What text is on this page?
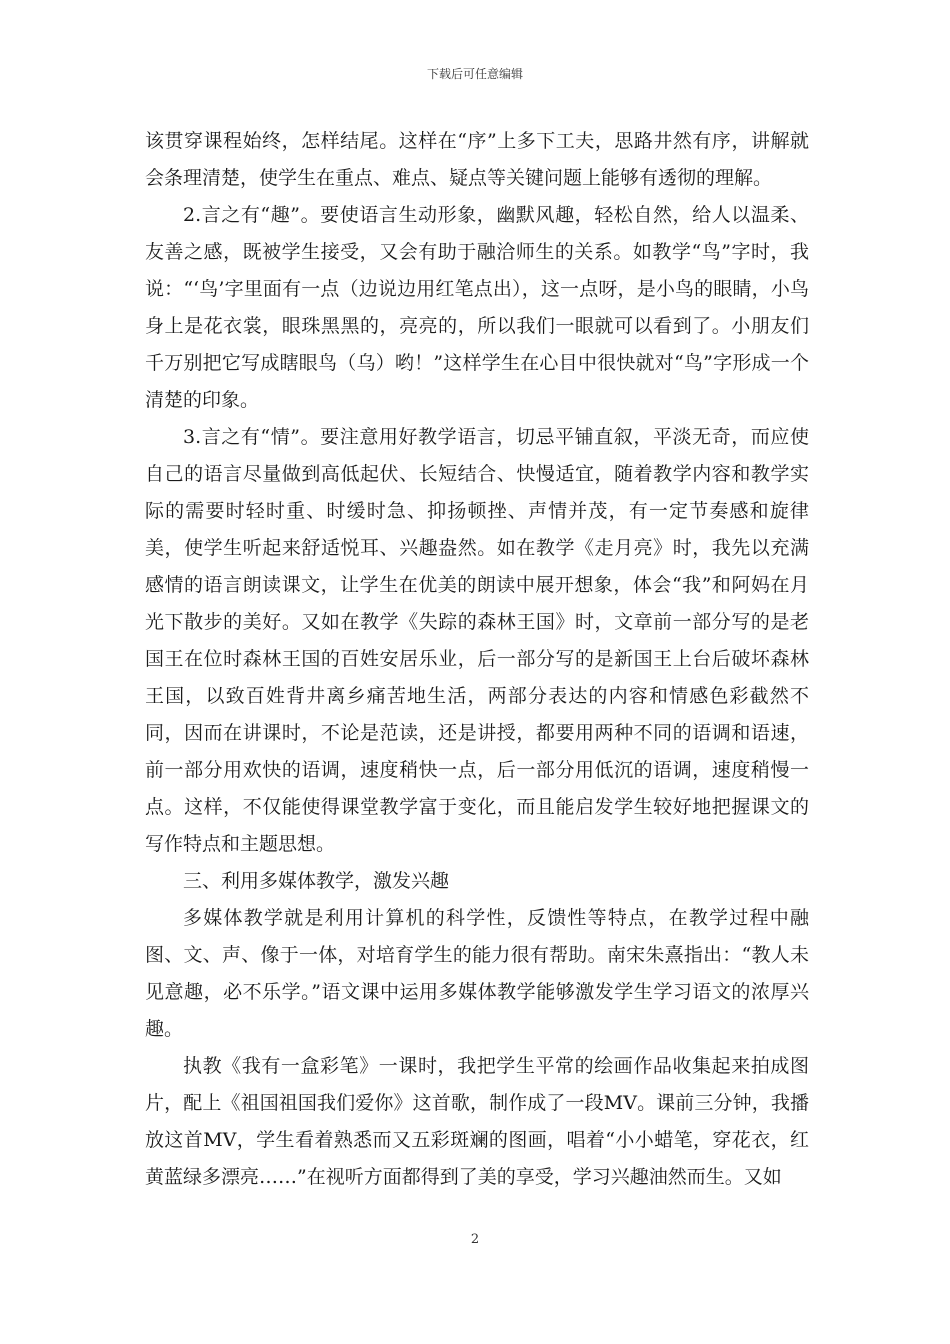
下载后可任意编辑

该贯穿课程始终，怎样结尾。这样在“序”上多下工夫，思路井然有序，讲解就会条理清楚，使学生在重点、难点、疑点等关键问题上能够有透彻的理解。

2.言之有“趣”。要使语言生动形象，幽默风趣，轻松自然，给人以温柔、友善之感，既被学生接受，又会有助于融洽师生的关系。如教学“鸟”字时，我说：“‘鸟’字里面有一点（边说边用红笔点出），这一点呀，是小鸟的眼睛，小鸟身上是花衣裳，眼珠黑黑的，亮亮的，所以我们一眼就可以看到了。小朋友们千万别把它写成瞎眼鸟（乌）哟！”这样学生在心目中很快就对“鸟”字形成一个清楚的印象。

3.言之有“情”。要注意用好教学语言，切忌平铺直叙，平淡无奇，而应使自己的语言尽量做到高低起伏、长短结合、快慢适宜，随着教学内容和教学实际的需要时轻时重、时缓时急、抑扬顿挫、声情并茂，有一定节奏感和旋律美，使学生听起来舒适悦耳、兴趣盎然。如在教学《走月亮》时，我先以充满感情的语言朗读课文，让学生在优美的朗读中展开想象，体会“我”和阿妈在月光下散步的美好。又如在教学《失踪的森林王国》时，文章前一部分写的是老国王在位时森林王国的百姓安居乐业，后一部分写的是新国王上台后破坏森林王国，以致百姓背井离乡痛苦地生活，两部分表达的内容和情感色彩截然不同，因而在讲课时，不论是范读，还是讲授，都要用两种不同的语调和语速，前一部分用欢快的语调，速度稍快一点，后一部分用低沉的语调，速度稍慢一点。这样，不仅能使得课堂教学富于变化，而且能启发学生较好地把握课文的写作特点和主题思想。

三、利用多媒体教学，激发兴趣

多媒体教学就是利用计算机的科学性，反馈性等特点，在教学过程中融图、文、声、像于一体，对培育学生的能力很有帮助。南宋朱熹指出：“教人未见意趣，必不乐学。”语文课中运用多媒体教学能够激发学生学习语文的浓厚兴趣。

执教《我有一盒彩笔》一课时，我把学生平常的绘画作品收集起来拍成图片，配上《祖国祖国我们爱你》这首歌，制作成了一段MV。课前三分钟，我播放这首MV，学生看着熟悉而又五彩斑斓的图画，唱着“小小蜡笔，穿花衣，红黄蓝绿多漂亮……”在视听方面都得到了美的享受，学习兴趣油然而生。又如

2
